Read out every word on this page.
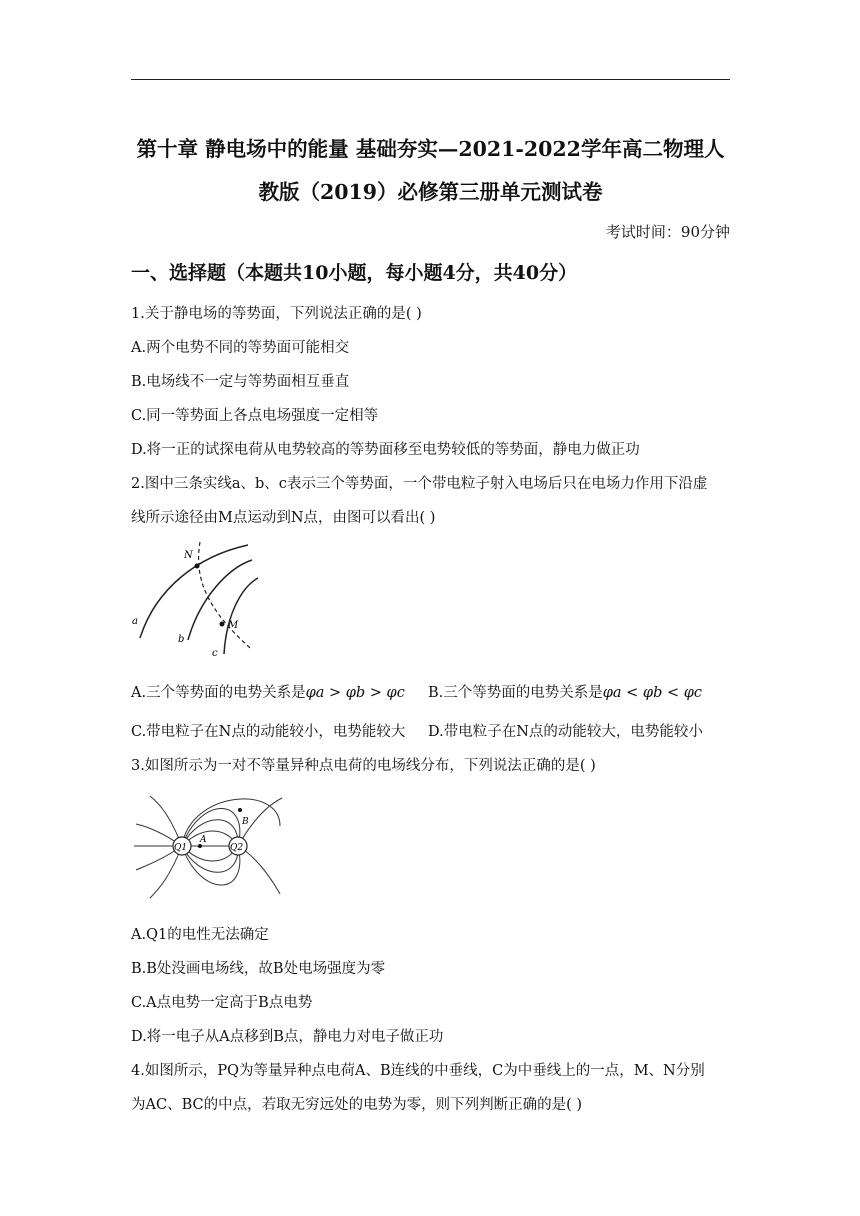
第十章 静电场中的能量 基础夯实—2021-2022学年高二物理人
教版（2019）必修第三册单元测试卷
考试时间：90分钟
一、选择题（本题共10小题，每小题4分，共40分）
1.关于静电场的等势面，下列说法正确的是( )
A.两个电势不同的等势面可能相交
B.电场线不一定与等势面相互垂直
C.同一等势面上各点电场强度一定相等
D.将一正的试探电荷从电势较高的等势面移至电势较低的等势面，静电力做正功
2.图中三条实线a、b、c表示三个等势面，一个带电粒子射入电场后只在电场力作用下沿虚
线所示途径由M点运动到N点，由图可以看出( )
N
M
a
b
c
A.三个等势面的电势关系是φa > φb > φc B.三个等势面的电势关系是φa < φb < φc
C.带电粒子在N点的动能较小，电势能较大 D.带电粒子在N点的动能较大，电势能较小
3.如图所示为一对不等量异种点电荷的电场线分布，下列说法正确的是( )
Q1	Q2
A
B
A.Q1的电性无法确定
B.B处没画电场线，故B处电场强度为零
C.A点电势一定高于B点电势
D.将一电子从A点移到B点，静电力对电子做正功
4.如图所示，PQ为等量异种点电荷A、B连线的中垂线，C为中垂线上的一点，M、N分别
为AC、BC的中点，若取无穷远处的电势为零，则下列判断正确的是( )
